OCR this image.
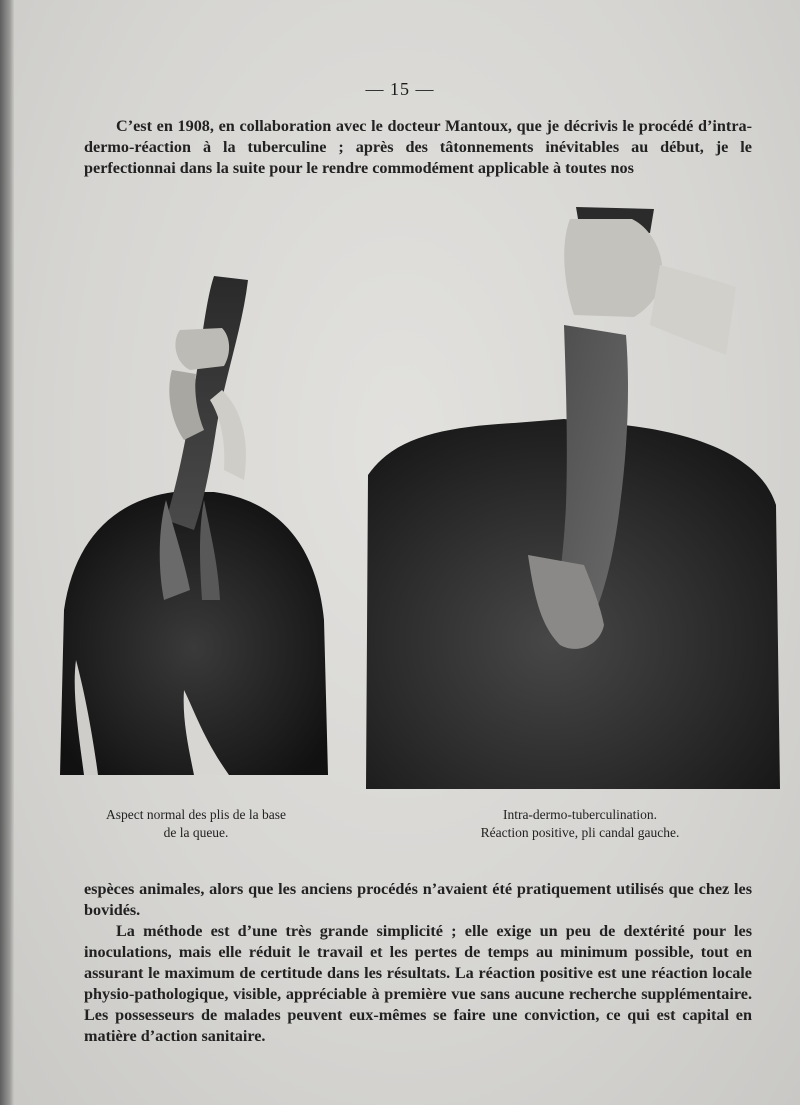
— 15 —

C’est en 1908, en collaboration avec le docteur Mantoux, que je décrivis le procédé d’intra-dermo-réaction à la tuberculine ; après des tâtonnements inévitables au début, je le perfectionnai dans la suite pour le rendre commodément applicable à toutes nos

Aspect normal des plis de la base
de la queue.
Intra-dermo-tuberculination.
Réaction positive, pli candal gauche.

espèces animales, alors que les anciens procédés n’avaient été pratiquement utilisés que chez les bovidés.

La méthode est d’une très grande simplicité ; elle exige un peu de dextérité pour les inoculations, mais elle réduit le travail et les pertes de temps au minimum possible, tout en assurant le maximum de certitude dans les résultats. La réaction positive est une réaction locale physio-pathologique, visible, appréciable à première vue sans aucune recherche supplémentaire. Les possesseurs de malades peuvent eux-mêmes se faire une conviction, ce qui est capital en matière d’action sanitaire.
